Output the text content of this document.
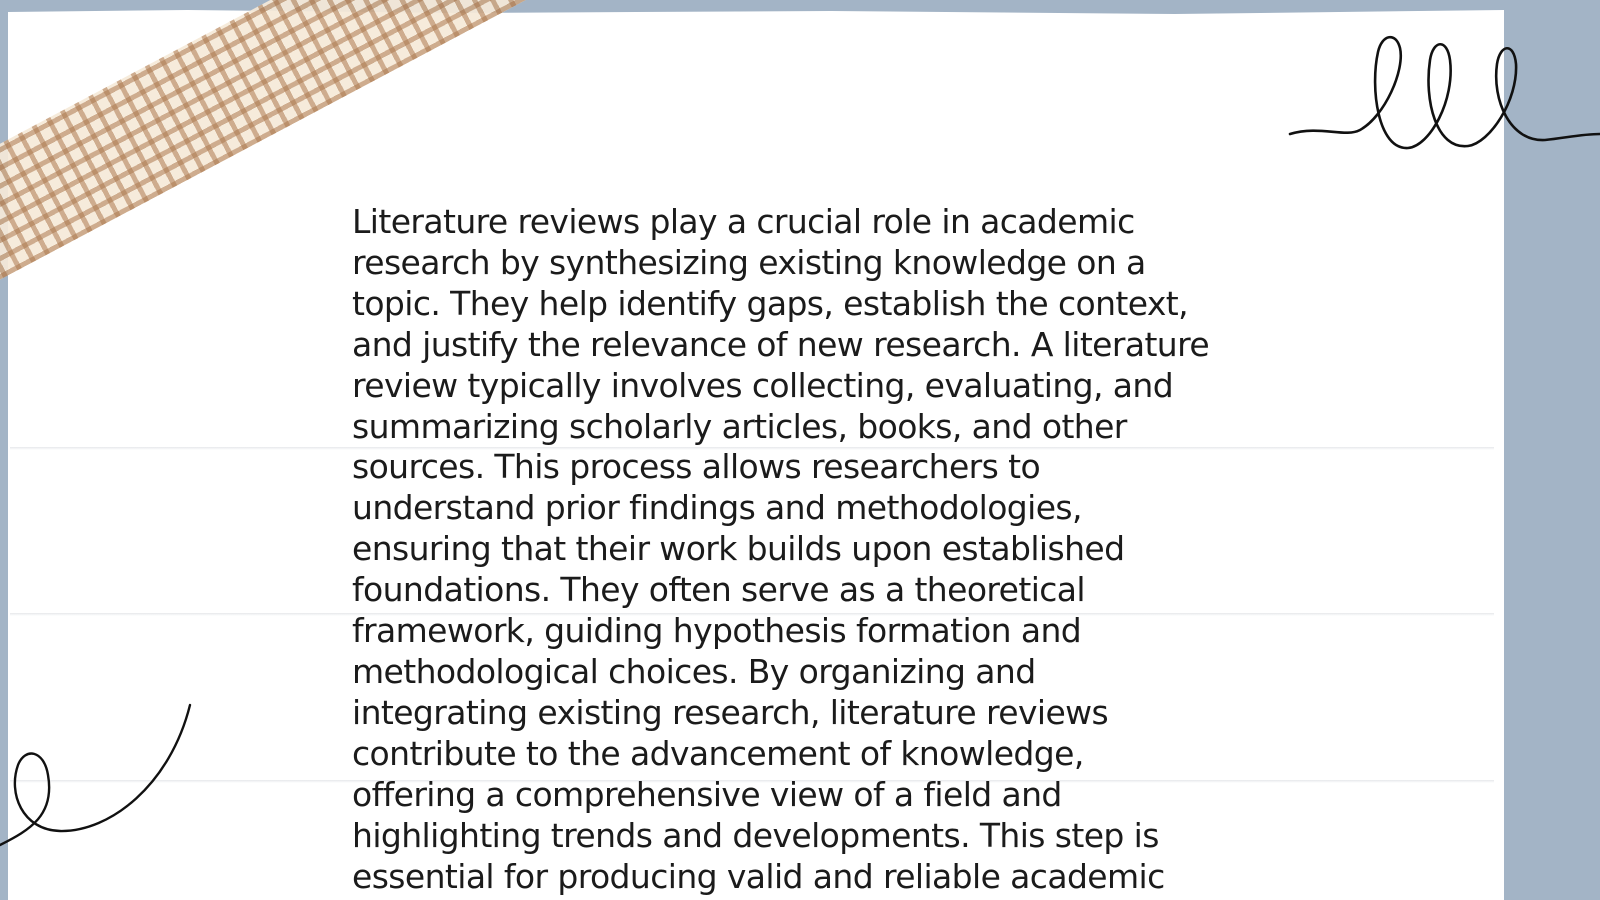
Literature reviews play a crucial role in academic
research by synthesizing existing knowledge on a
topic. They help identify gaps, establish the context,
and justify the relevance of new research. A literature
review typically involves collecting, evaluating, and
summarizing scholarly articles, books, and other
sources. This process allows researchers to
understand prior findings and methodologies,
ensuring that their work builds upon established
foundations. They often serve as a theoretical
framework, guiding hypothesis formation and
methodological choices. By organizing and
integrating existing research, literature reviews
contribute to the advancement of knowledge,
offering a comprehensive view of a field and
highlighting trends and developments. This step is
essential for producing valid and reliable academic
